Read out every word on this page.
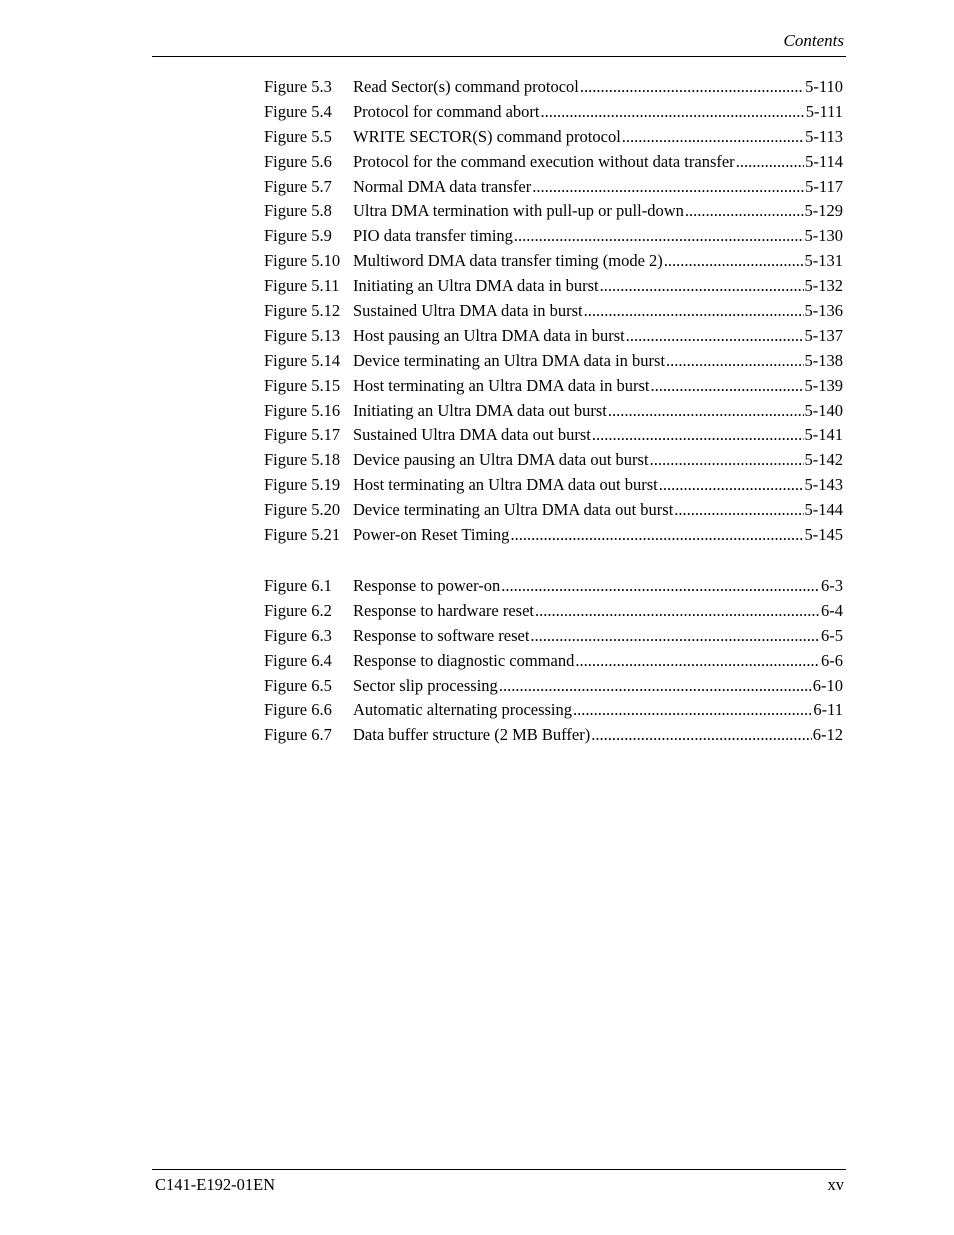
Contents
Figure 5.3	Read Sector(s) command protocol .....	5-110
Figure 5.4	Protocol for command abort .....	5-111
Figure 5.5	WRITE SECTOR(S) command protocol .....	5-113
Figure 5.6	Protocol for the command execution without data transfer .....	5-114
Figure 5.7	Normal DMA data transfer .....	5-117
Figure 5.8	Ultra DMA termination with pull-up or pull-down .....	5-129
Figure 5.9	PIO data transfer timing .....	5-130
Figure 5.10 Multiword DMA data transfer timing (mode 2) .....	5-131
Figure 5.11 Initiating an Ultra DMA data in burst .....	5-132
Figure 5.12 Sustained Ultra DMA data in burst .....	5-136
Figure 5.13 Host pausing an Ultra DMA data in burst .....	5-137
Figure 5.14 Device terminating an Ultra DMA data in burst .....	5-138
Figure 5.15 Host terminating an Ultra DMA data in burst .....	5-139
Figure 5.16 Initiating an Ultra DMA data out burst .....	5-140
Figure 5.17 Sustained Ultra DMA data out burst .....	5-141
Figure 5.18 Device pausing an Ultra DMA data out burst .....	5-142
Figure 5.19 Host terminating an Ultra DMA data out burst .....	5-143
Figure 5.20 Device terminating an Ultra DMA data out burst .....	5-144
Figure 5.21 Power-on Reset Timing .....	5-145
Figure 6.1	Response to power-on .....	6-3
Figure 6.2	Response to hardware reset .....	6-4
Figure 6.3	Response to software reset .....	6-5
Figure 6.4	Response to diagnostic command .....	6-6
Figure 6.5	Sector slip processing .....	6-10
Figure 6.6	Automatic alternating processing .....	6-11
Figure 6.7	Data buffer structure (2 MB Buffer) .....	6-12
C141-E192-01EN	xv
